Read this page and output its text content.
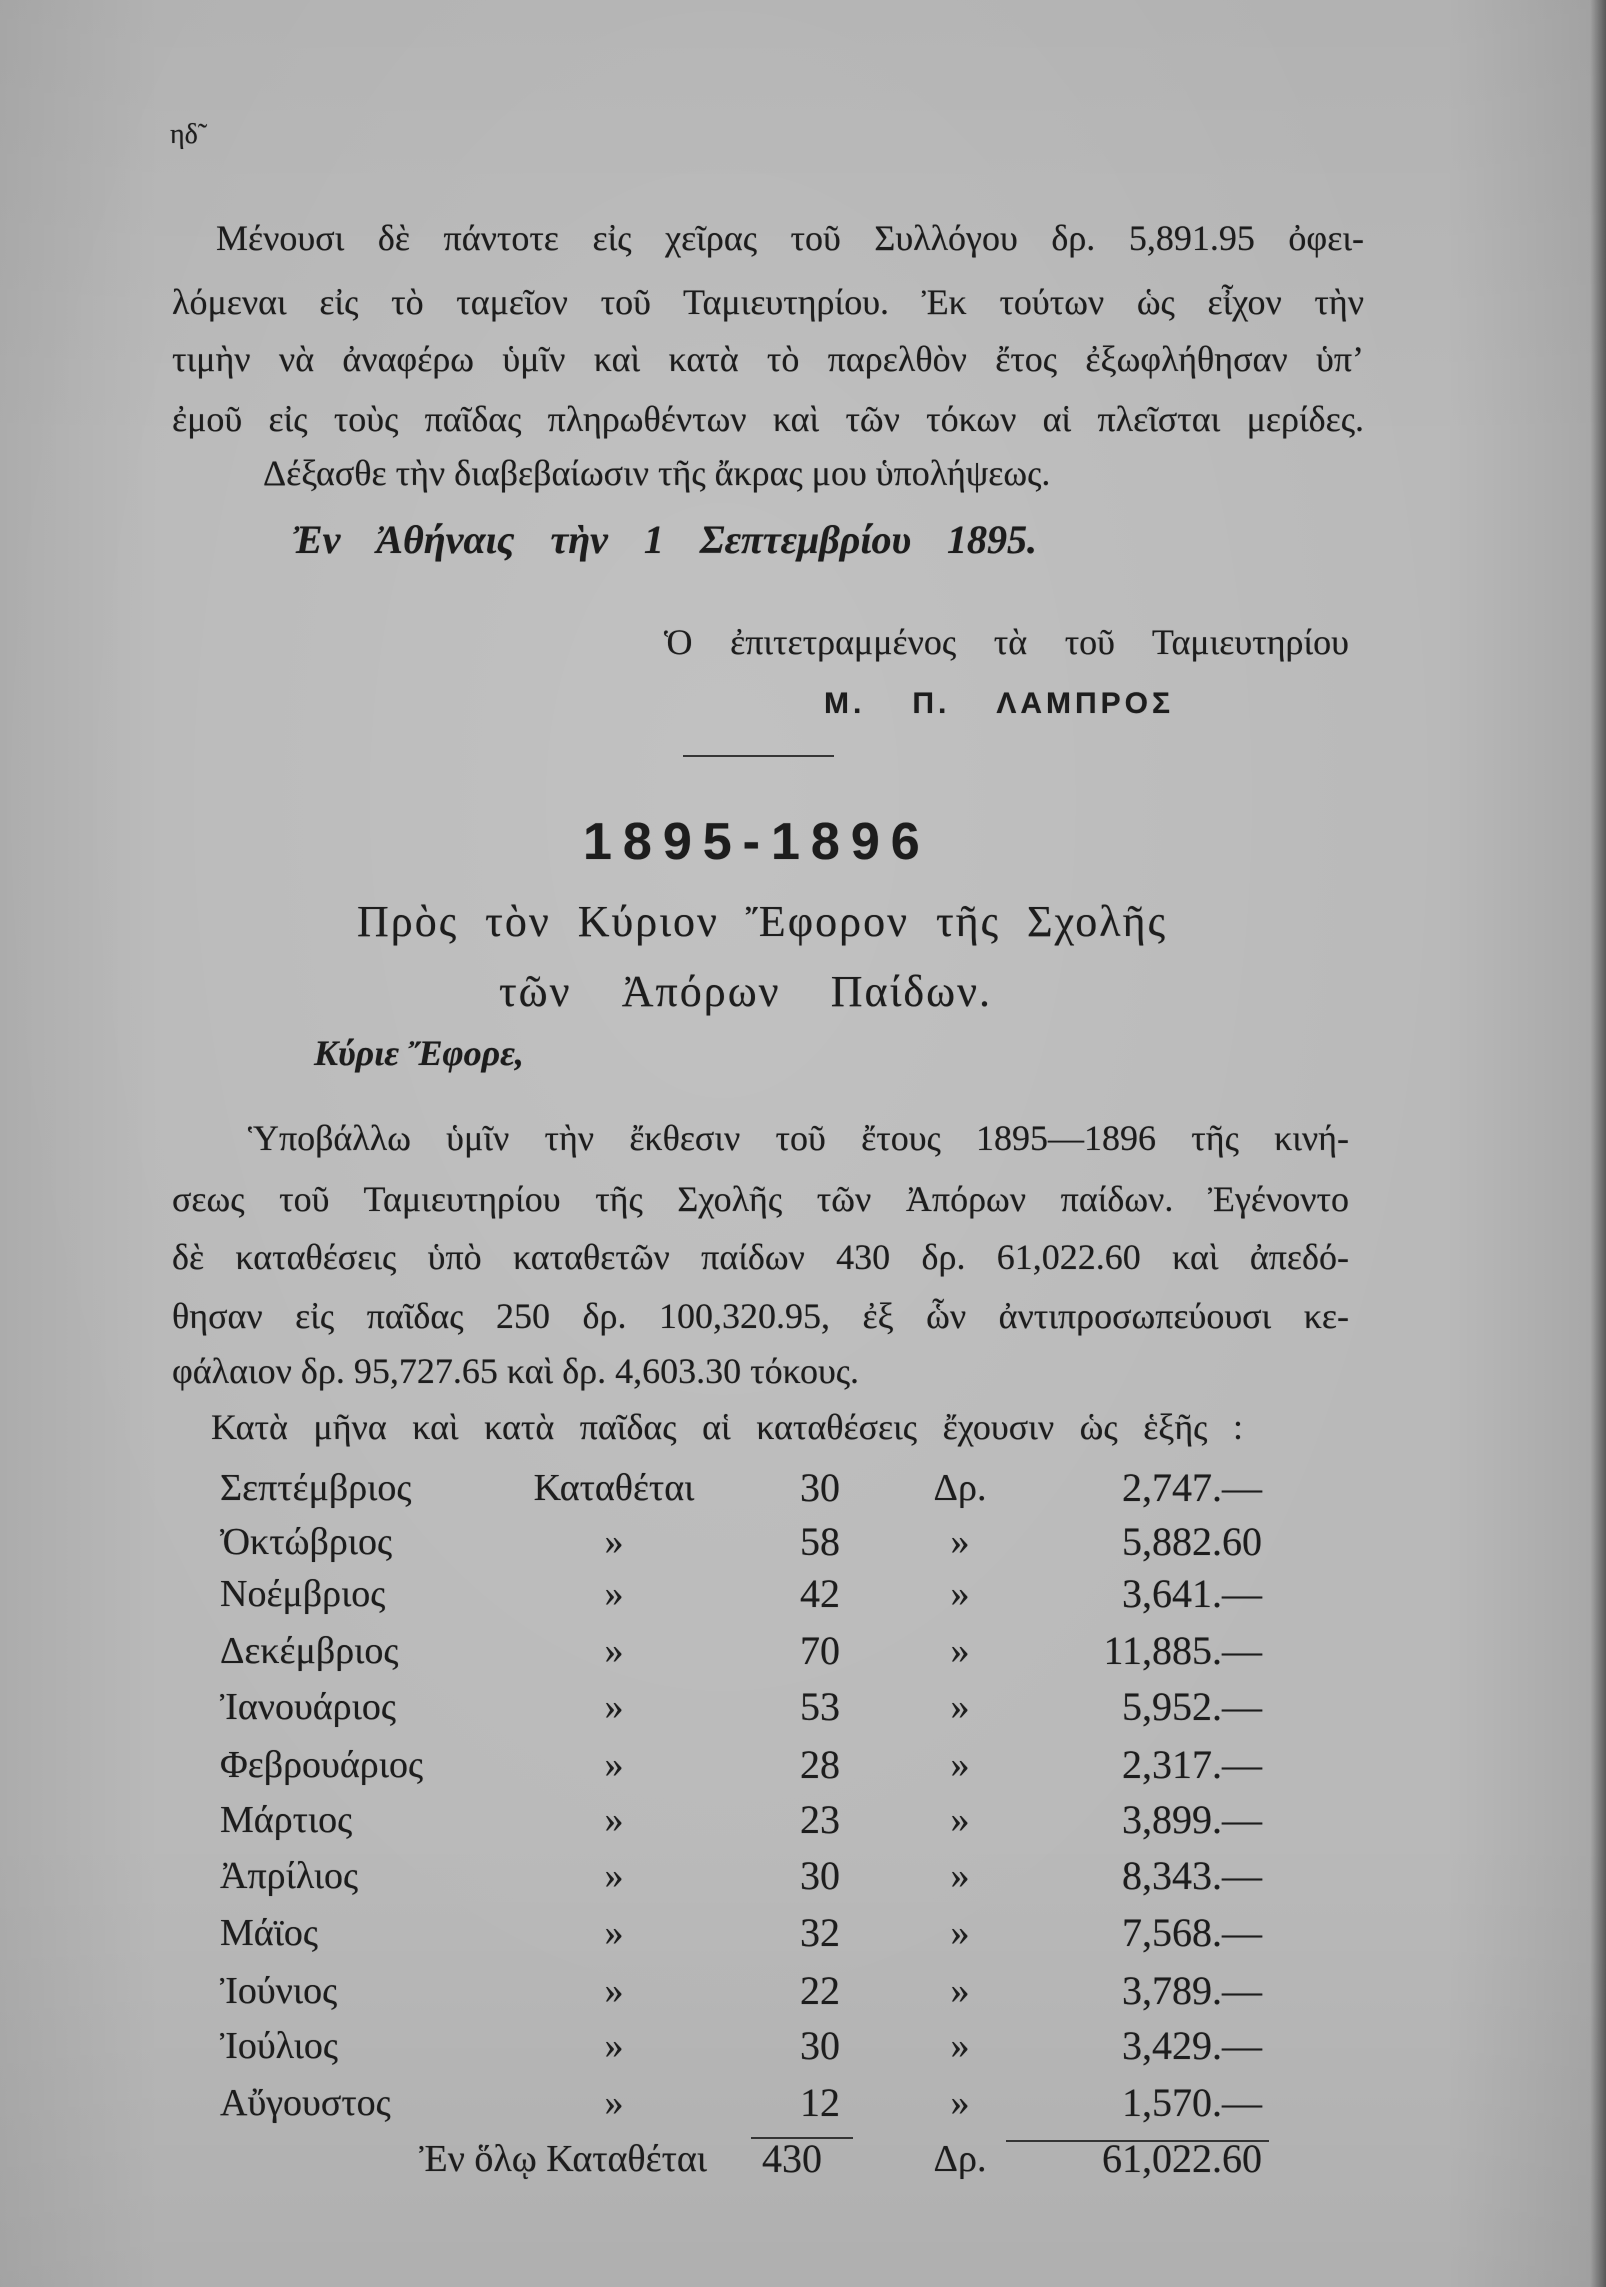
ηδ̃
Μένουσι δὲ πάντοτε εἰς χεῖρας τοῦ Συλλόγου δρ. 5,891.95 ὀφει-
λόμεναι εἰς τὸ ταμεῖον τοῦ Ταμιευτηρίου. Ἐκ τούτων ὡς εἶχον τὴν
τιμὴν νὰ ἀναφέρω ὑμῖν καὶ κατὰ τὸ παρελθὸν ἔτος ἐξωφλήθησαν ὑπ’
ἐμοῦ εἰς τοὺς παῖδας πληρωθέντων καὶ τῶν τόκων αἱ πλεῖσται μερίδες.
Δέξασθε τὴν διαβεβαίωσιν τῆς ἄκρας μου ὑπολήψεως.
Ἐν Ἀθήναις τὴν 1 Σεπτεμβρίου 1895.
Ὁ ἐπιτετραμμένος τὰ τοῦ Ταμιευτηρίου
Μ. Π. ΛΑΜΠΡΟΣ
1895-1896
Πρὸς τὸν Κύριον Ἔφορον τῆς Σχολῆς
τῶν Ἀπόρων Παίδων.
Κύριε Ἔφορε,
Ὑποβάλλω ὑμῖν τὴν ἔκθεσιν τοῦ ἔτους 1895—1896 τῆς κινή-
σεως τοῦ Ταμιευτηρίου τῆς Σχολῆς τῶν Ἀπόρων παίδων. Ἐγένοντο
δὲ καταθέσεις ὑπὸ καταθετῶν παίδων 430 δρ. 61,022.60 καὶ ἀπεδό-
θησαν εἰς παῖδας 250 δρ. 100,320.95, ἐξ ὧν ἀντιπροσωπεύουσι κε-
φάλαιον δρ. 95,727.65 καὶ δρ. 4,603.30 τόκους.
Κατὰ μῆνα καὶ κατὰ παῖδας αἱ καταθέσεις ἔχουσιν ὡς ἑξῆς :
Σεπτέμβριος	Καταθέται	30	Δρ.	2,747.—
Ὀκτώβριος	»	58	»	5,882.60
Νοέμβριος	»	42	»	3,641.—
Δεκέμβριος	»	70	»	11,885.—
Ἰανουάριος	»	53	»	5,952.—
Φεβρουάριος	»	28	»	2,317.—
Μάρτιος	»	23	»	3,899.—
Ἀπρίλιος	»	30	»	8,343.—
Μάϊος	»	32	»	7,568.—
Ἰούνιος	»	22	»	3,789.—
Ἰούλιος	»	30	»	3,429.—
Αὔγουστος	»	12	»	1,570.—
Ἐν ὅλῳ Καταθέται 430	Δρ.	61,022.60
